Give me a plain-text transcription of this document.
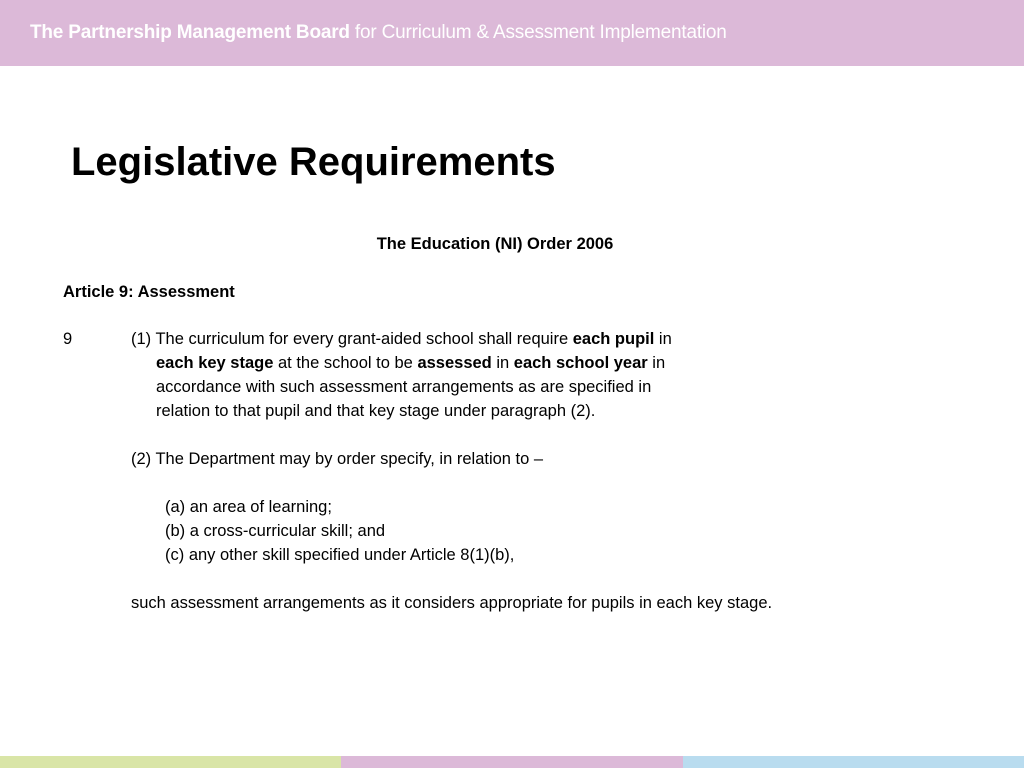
The Partnership Management Board for Curriculum & Assessment Implementation
Legislative Requirements
The Education (NI) Order 2006
Article 9: Assessment
9	(1) The curriculum for every grant-aided school shall require each pupil in
each key stage at the school to be assessed in each school year in
accordance with such assessment arrangements as are specified in
relation to that pupil and that key stage under paragraph (2).
(2) The Department may by order specify, in relation to –
(a) an area of learning;
(b) a cross-curricular skill; and
(c) any other skill specified under Article 8(1)(b),
such assessment arrangements as it considers appropriate for pupils in each key stage.
